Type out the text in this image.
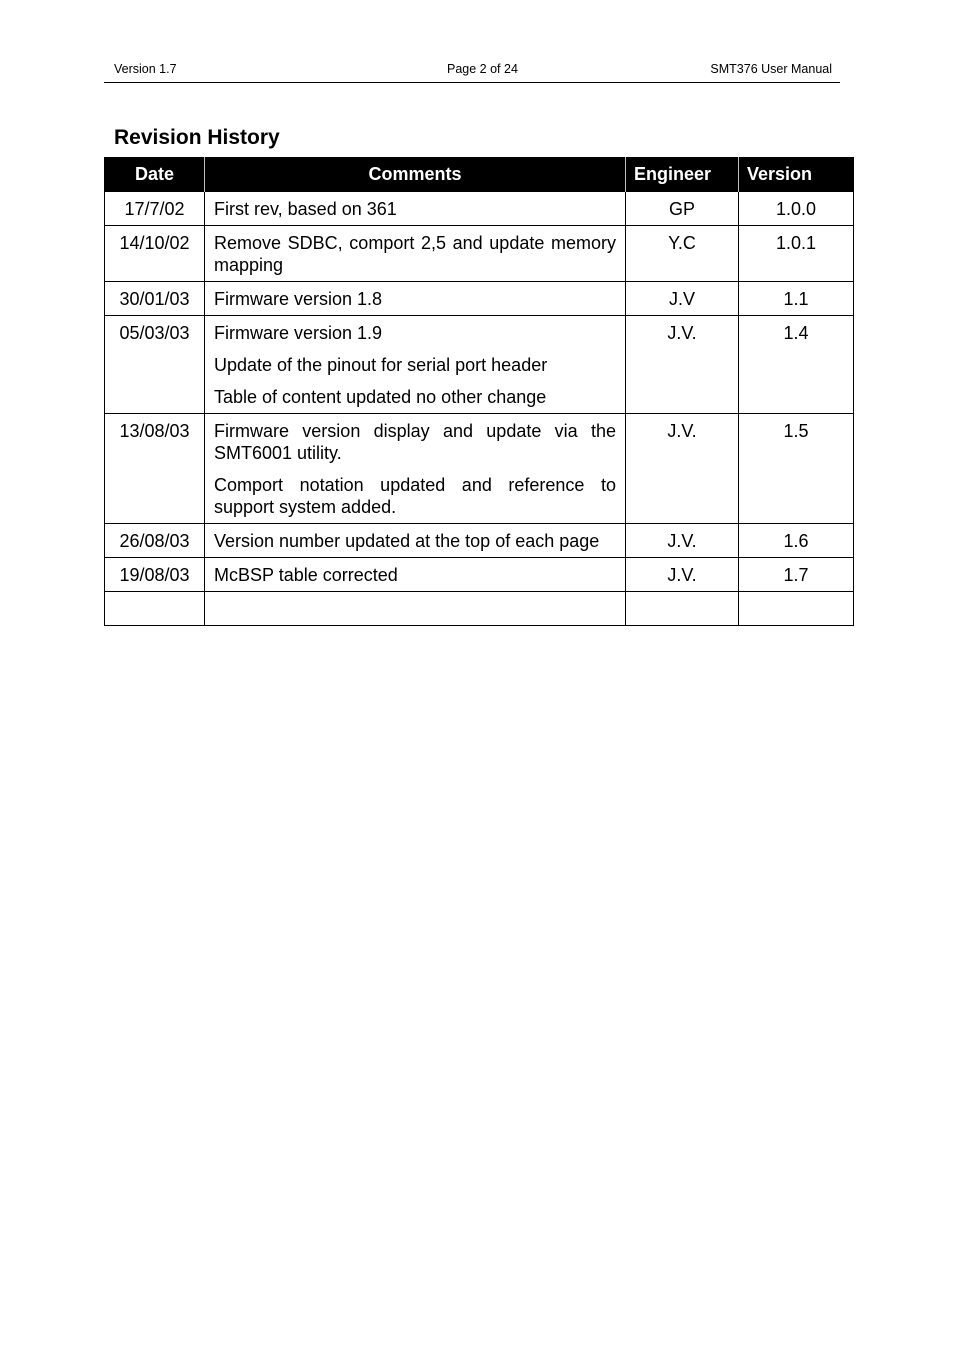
Version 1.7	Page 2 of 24	SMT376 User Manual
Revision History
Date	Comments	Engineer	Version
17/7/02	First rev, based on 361	GP	1.0.0
14/10/02	Remove SDBC, comport 2,5 and update memory mapping	Y.C	1.0.1
30/01/03	Firmware version 1.8	J.V	1.1
05/03/03	Firmware version 1.9

Update of the pinout for serial port header

Table of content updated no other change	J.V.	1.4
13/08/03	Firmware version display and update via the SMT6001 utility.

Comport notation updated and reference to support system added.	J.V.	1.5
26/08/03	Version number updated at the top of each page	J.V.	1.6
19/08/03	McBSP table corrected	J.V.	1.7
